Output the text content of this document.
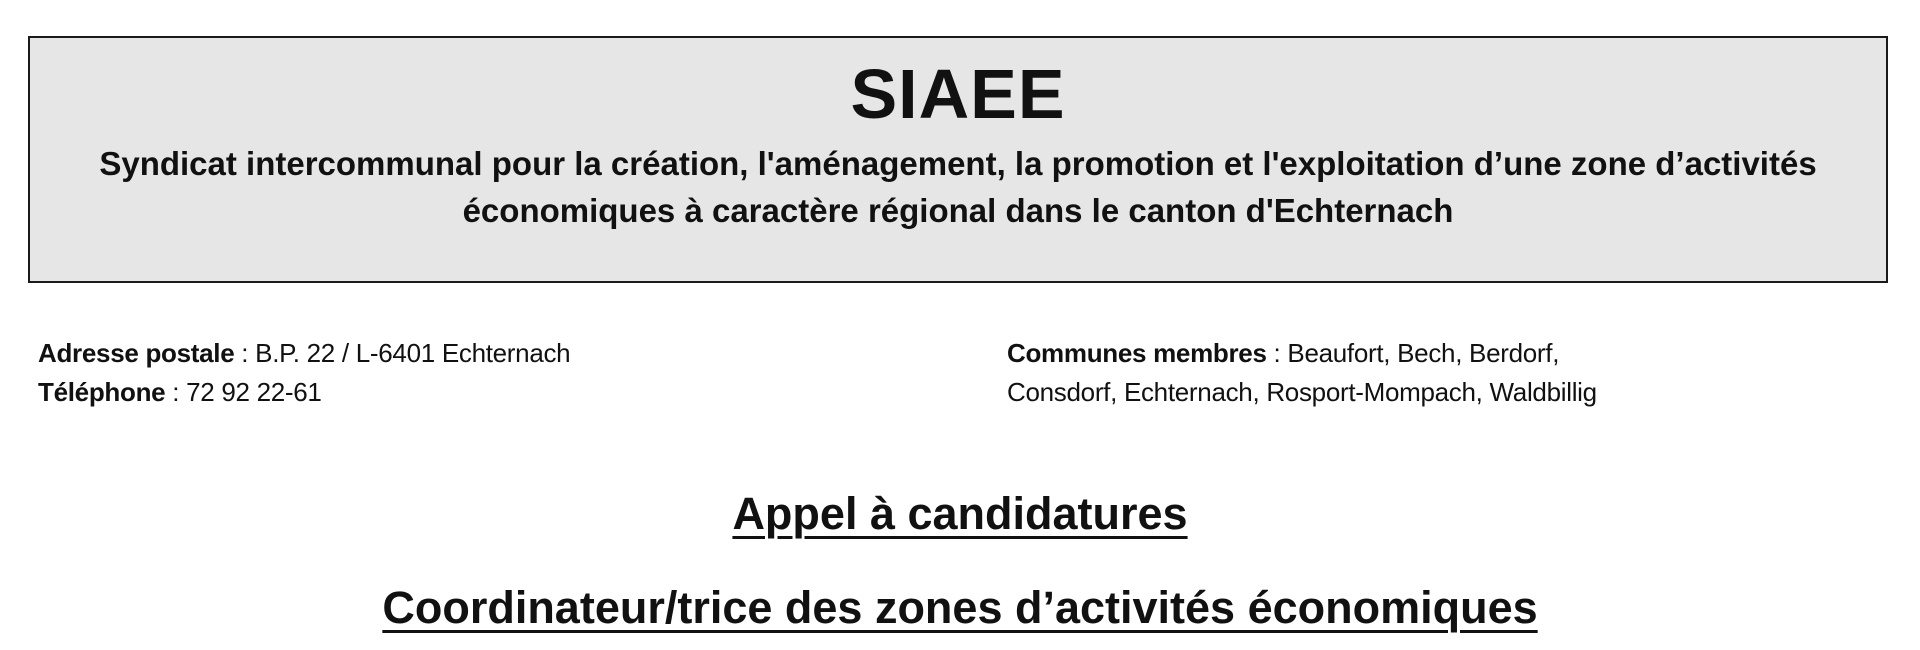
SIAEE
Syndicat intercommunal pour la création, l'aménagement, la promotion et l'exploitation d’une zone d’activités économiques à caractère régional dans le canton d'Echternach
Adresse postale : B.P. 22 / L-6401 Echternach
Téléphone : 72 92 22-61
Communes membres : Beaufort, Bech, Berdorf,
Consdorf, Echternach, Rosport-Mompach, Waldbillig
Appel à candidatures
Coordinateur/trice des zones d’activités économiques
